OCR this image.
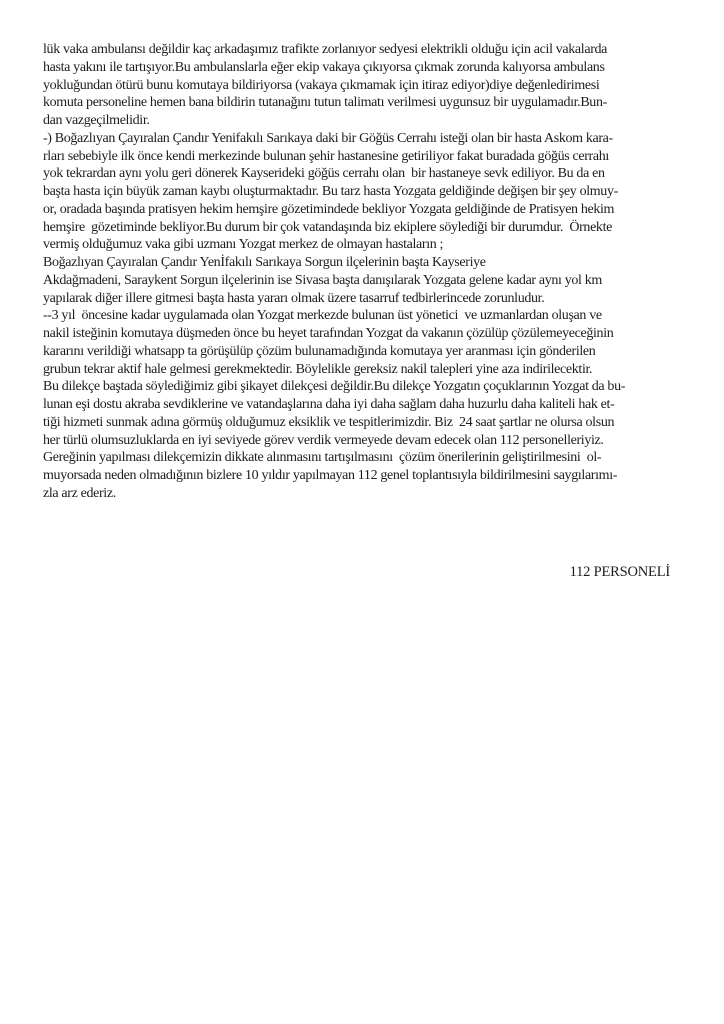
lük vaka ambulansı değildir kaç arkadaşımız trafikte zorlanıyor sedyesi elektrikli olduğu için acil vakalarda
hasta yakını ile tartışıyor.Bu ambulanslarla eğer ekip vakaya çıkıyorsa çıkmak zorunda kalıyorsa ambulans
yokluğundan ötürü bunu komutaya bildiriyorsa (vakaya çıkmamak için itiraz ediyor)diye değenledirimesi
komuta personeline hemen bana bildirin tutanağını tutun talimatı verilmesi uygunsuz bir uygulamadır.Bun-
dan vazgeçilmelidir.
-) Boğazlıyan Çayıralan Çandır Yenifakılı Sarıkaya daki bir Göğüs Cerrahı isteği olan bir hasta Askom kara-
rları sebebiyle ilk önce kendi merkezinde bulunan şehir hastanesine getiriliyor fakat buradada göğüs cerrahı
yok tekrardan aynı yolu geri dönerek Kayserideki göğüs cerrahı olan  bir hastaneye sevk ediliyor. Bu da en
başta hasta için büyük zaman kaybı oluşturmaktadır. Bu tarz hasta Yozgata geldiğinde değişen bir şey olmuy-
or, oradada başında pratisyen hekim hemşire gözetimindede bekliyor Yozgata geldiğinde de Pratisyen hekim
hemşire  gözetiminde bekliyor.Bu durum bir çok vatandaşında biz ekiplere söylediği bir durumdur.  Örnekte
vermiş olduğumuz vaka gibi uzmanı Yozgat merkez de olmayan hastaların ;
Boğazlıyan Çayıralan Çandır Yenİfakılı Sarıkaya Sorgun ilçelerinin başta Kayseriye
Akdağmadeni, Saraykent Sorgun ilçelerinin ise Sivasa başta danışılarak Yozgata gelene kadar aynı yol km
yapılarak diğer illere gitmesi başta hasta yararı olmak üzere tasarruf tedbirlerincede zorunludur.
--3 yıl  öncesine kadar uygulamada olan Yozgat merkezde bulunan üst yönetici  ve uzmanlardan oluşan ve
nakil isteğinin komutaya düşmeden önce bu heyet tarafından Yozgat da vakanın çözülüp çözülemeyeceğinin
kararını verildiği whatsapp ta görüşülüp çözüm bulunamadığında komutaya yer aranması için gönderilen
grubun tekrar aktif hale gelmesi gerekmektedir. Böylelikle gereksiz nakil talepleri yine aza indirilecektir.
Bu dilekçe baştada söylediğimiz gibi şikayet dilekçesi değildir.Bu dilekçe Yozgatın çoçuklarının Yozgat da bu-
lunan eşi dostu akraba sevdiklerine ve vatandaşlarına daha iyi daha sağlam daha huzurlu daha kaliteli hak et-
tiği hizmeti sunmak adına görmüş olduğumuz eksiklik ve tespitlerimizdir. Biz  24 saat şartlar ne olursa olsun
her türlü olumsuzluklarda en iyi seviyede görev verdik vermeyede devam edecek olan 112 personelleriyiz.
Gereğinin yapılması dilekçemizin dikkate alınmasını tartışılmasını  çözüm önerilerinin geliştirilmesini  ol-
muyorsada neden olmadığının bizlere 10 yıldır yapılmayan 112 genel toplantısıyla bildirilmesini saygılarımı-
zla arz ederiz.
112 PERSONELİ
